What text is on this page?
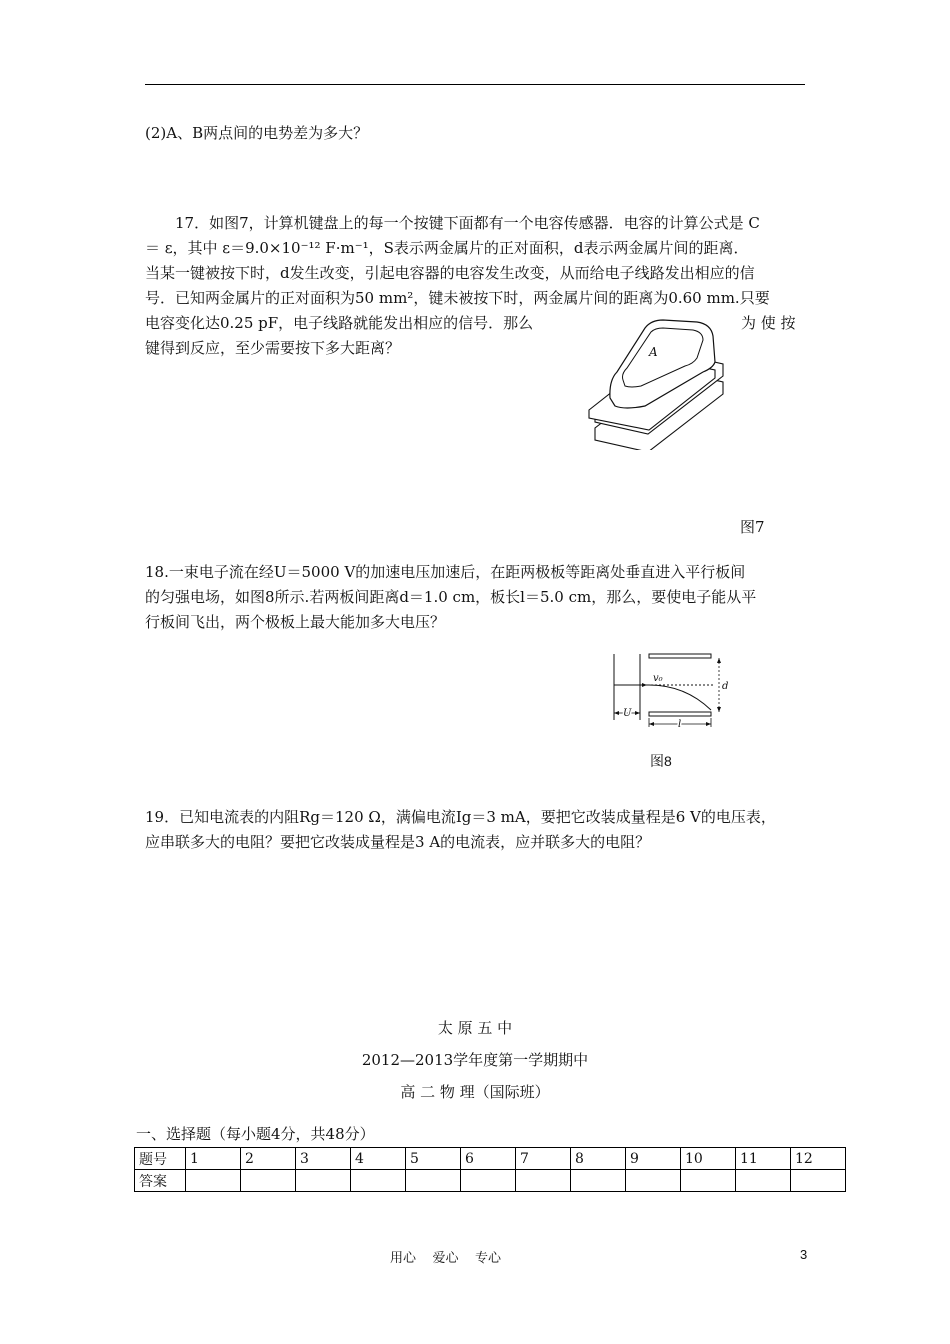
(2)A、B两点间的电势差为多大？
17．如图7，计算机键盘上的每一个按键下面都有一个电容传感器．电容的计算公式是 C
＝ ε，其中 ε＝9.0×10⁻¹² F·m⁻¹，S表示两金属片的正对面积，d表示两金属片间的距离．
当某一键被按下时，d发生改变，引起电容器的电容发生改变，从而给电子线路发出相应的信
号．已知两金属片的正对面积为50 mm²，键未被按下时，两金属片间的距离为0.60 mm.只要
电容变化达0.25 pF，电子线路就能发出相应的信号．那么	为 使 按
键得到反应，至少需要按下多大距离？	A
图7
18.一束电子流在经U＝5000 V的加速电压加速后，在距两极板等距离处垂直进入平行板间
的匀强电场，如图8所示.若两板间距离d＝1.0 cm，板长l＝5.0 cm，那么，要使电子能从平
行板间飞出，两个极板上最大能加多大电压？
v₀
d
U
l
图8
19．已知电流表的内阻Rg＝120 Ω，满偏电流Ig＝3 mA，要把它改装成量程是6 V的电压表，
应串联多大的电阻？要把它改装成量程是3 A的电流表，应并联多大的电阻？
太 原 五 中
2012—2013学年度第一学期期中
高 二 物 理（国际班）
一、选择题（每小题4分，共48分）
题号	1	2	3	4	5	6	7	8	9	10	11	12
答案												
用心    爱心    专心	3
